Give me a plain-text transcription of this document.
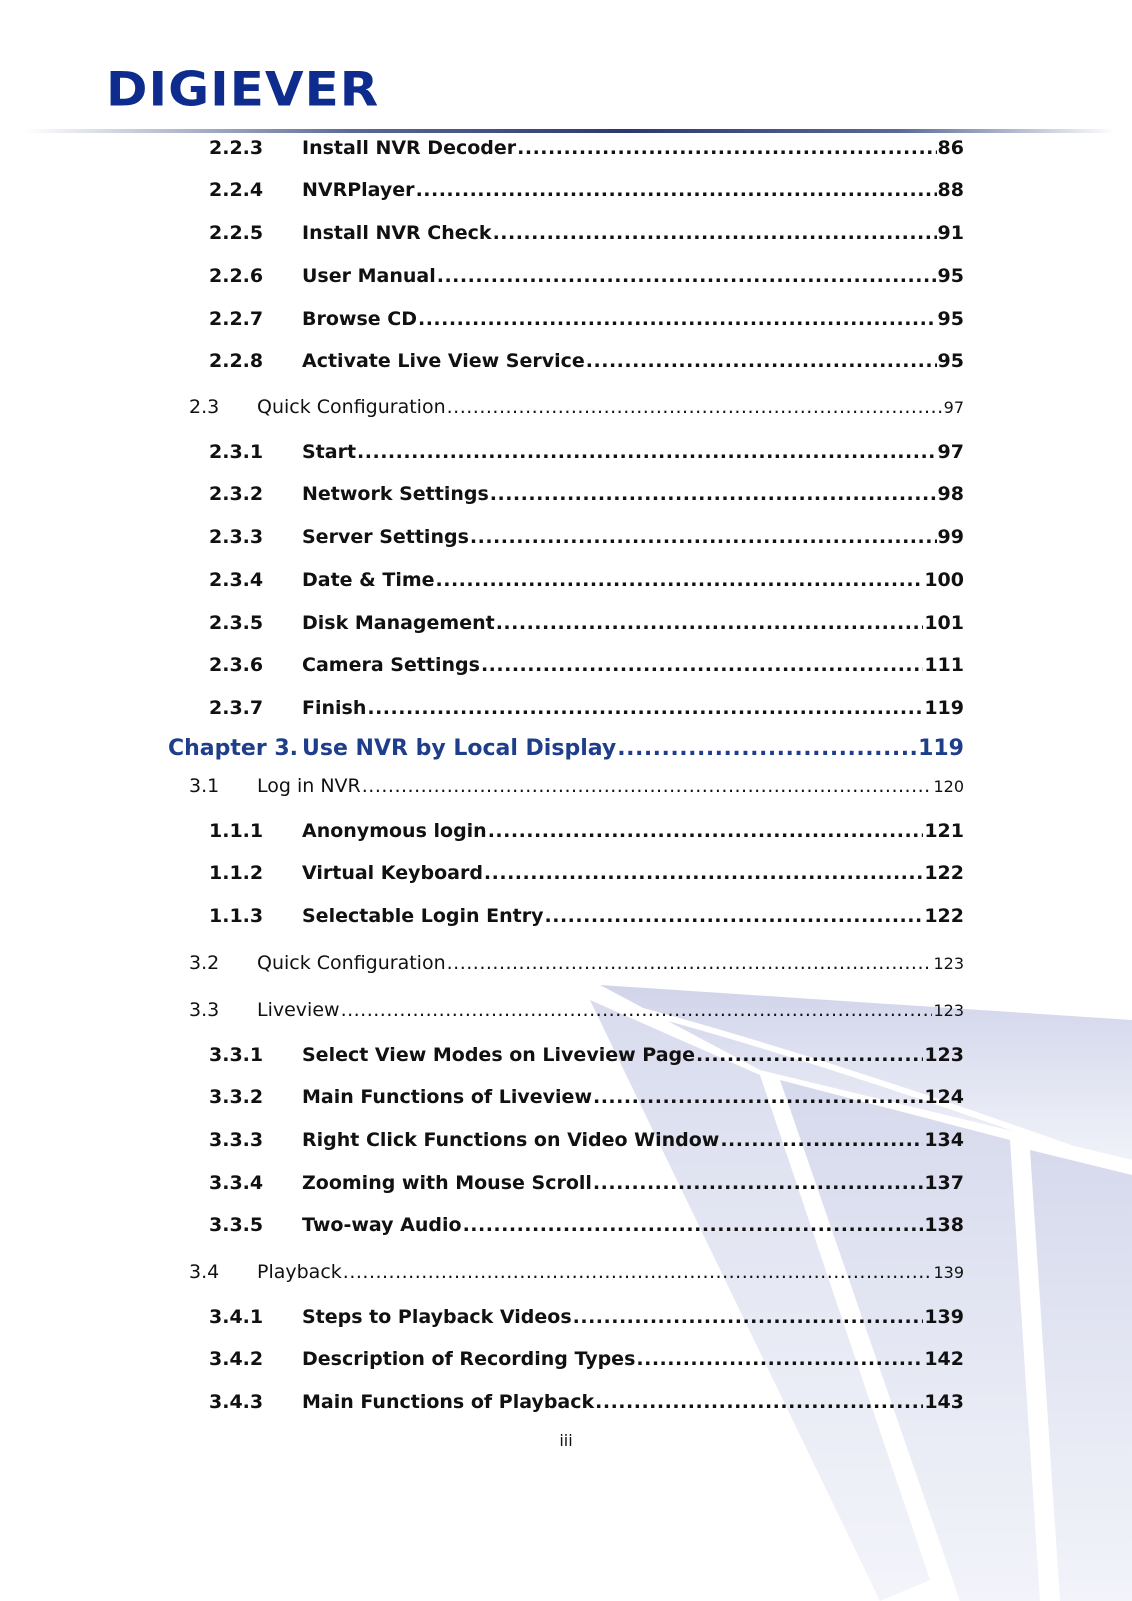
DIGIEVER
2.2.3	Install NVR Decoder .....	86
2.2.4	NVRPlayer .....	88
2.2.5	Install NVR Check .....	91
2.2.6	User Manual .....	95
2.2.7	Browse CD .....	95
2.2.8	Activate Live View Service .....	95
2.3	Quick Configuration .....	97
2.3.1	Start .....	97
2.3.2	Network Settings .....	98
2.3.3	Server Settings .....	99
2.3.4	Date & Time .....	100
2.3.5	Disk Management .....	101
2.3.6	Camera Settings .....	111
2.3.7	Finish .....	119
Chapter 3. Use NVR by Local Display .....	119
3.1	Log in NVR .....	120
1.1.1	Anonymous login .....	121
1.1.2	Virtual Keyboard .....	122
1.1.3	Selectable Login Entry .....	122
3.2	Quick Configuration .....	123
3.3	Liveview .....	123
3.3.1	Select View Modes on Liveview Page .....	123
3.3.2	Main Functions of Liveview .....	124
3.3.3	Right Click Functions on Video Window .....	134
3.3.4	Zooming with Mouse Scroll .....	137
3.3.5	Two-way Audio .....	138
3.4	Playback .....	139
3.4.1	Steps to Playback Videos .....	139
3.4.2	Description of Recording Types .....	142
3.4.3	Main Functions of Playback .....	143
iii
